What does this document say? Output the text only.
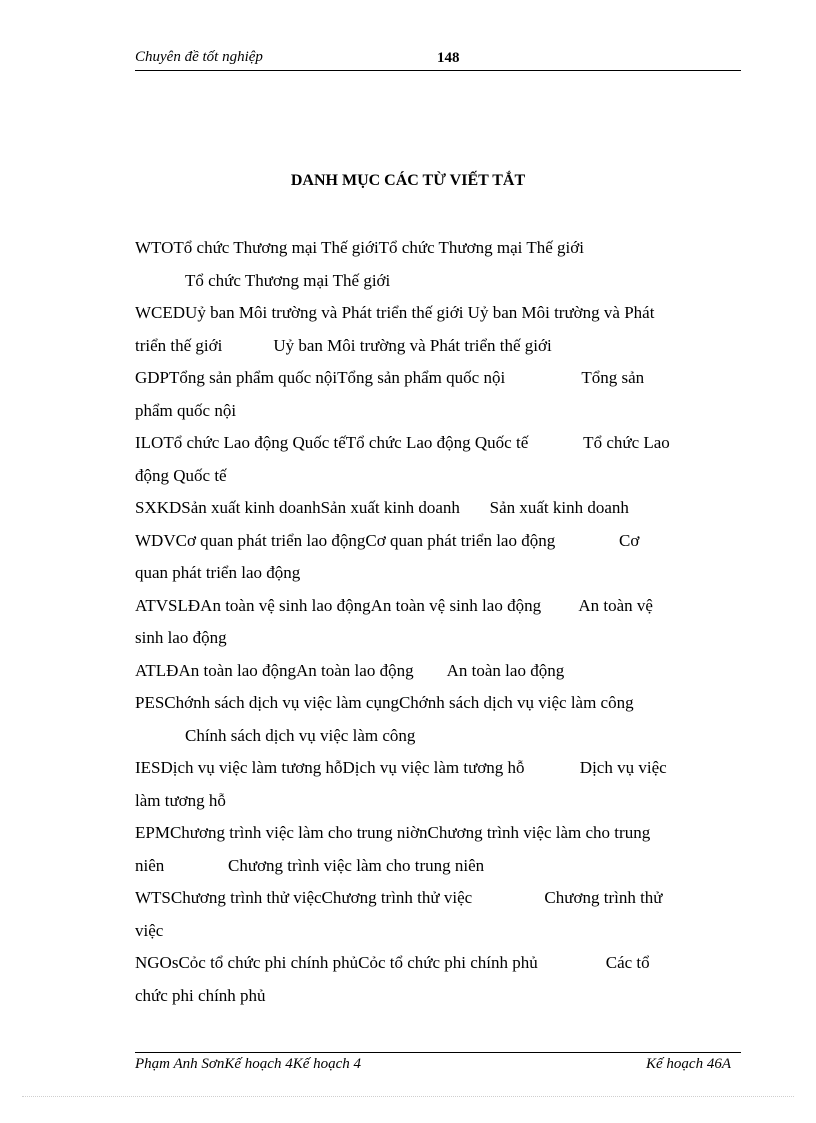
Chuyên đề tốt nghiệp	148
DANH MỤC CÁC TỪ VIẾT TẮT
WTOTổ chức Thương mại Thế giớiTổ chức Thương mại Thế giới
Tổ chức Thương mại Thế giới
WCEDUỷ ban Môi trường và Phát triển thế giới Uỷ ban Môi trường và Phát
triển thế giới            Uỷ ban Môi trường và Phát triển thế giới
GDPTổng sản phẩm quốc nộiTổng sản phẩm quốc nội                  Tổng sản
phẩm quốc nội
ILOTổ chức Lao động Quốc tếTổ chức Lao động Quốc tế             Tổ chức Lao
động Quốc tế
SXKDSản xuất kinh doanhSản xuất kinh doanh       Sản xuất kinh doanh
WDVCơ quan phát triển lao độngCơ quan phát triển lao động               Cơ
quan phát triển lao động
ATVSLĐAn toàn vệ sinh lao độngAn toàn vệ sinh lao động         An toàn vệ
sinh lao động
ATLĐAn toàn lao độngAn toàn lao động        An toàn lao động
PESChớnh sách dịch vụ việc làm cụngChớnh sách dịch vụ việc làm công
Chính sách dịch vụ việc làm công
IESDịch vụ việc làm tương hỗDịch vụ việc làm tương hỗ             Dịch vụ việc
làm tương hỗ
EPMChương trình việc làm cho trung niờnChương trình việc làm cho trung
niên               Chương trình việc làm cho trung niên
WTSChương trình thử việcChương trình thử việc                 Chương trình thử
việc
NGOsCỏc tổ chức phi chính phủCỏc tổ chức phi chính phủ                Các tổ
chức phi chính phủ
Phạm Anh SơnKế hoạch 4Kế hoạch 4	Kế hoạch 46A
